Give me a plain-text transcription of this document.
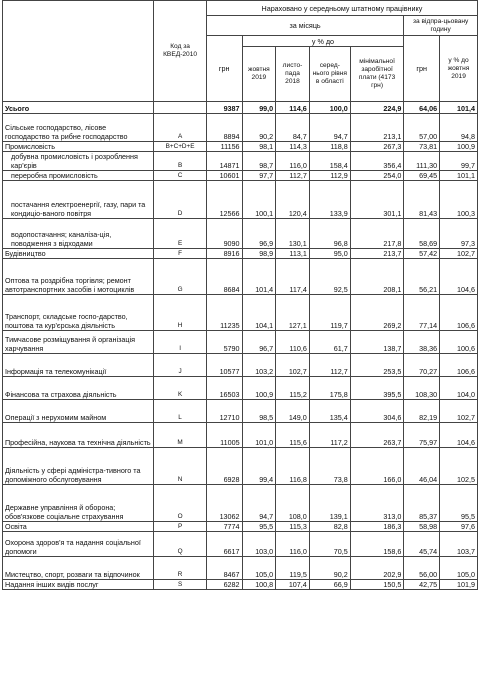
	Код за КВЕД-2010	Нараховано у середньому штатному працівнику						
		за місяць					за відпра-цьовану годину	
		грн	у % до				грн	у % до жовтня 2019
			жовтня 2019	листо-пада 2018	серед-нього рівня в області	мінімальної заробітної плати (4173 грн)		
Усього		9387	99,0	114,6	100,0	224,9	64,06	101,4
Сільське господарство, лісове господарство та рибне господарство	A	8894	90,2	84,7	94,7	213,1	57,00	94,8
Промисловість	B+C+D+E	11156	98,1	114,3	118,8	267,3	73,81	100,9
добувна промисловість і розроблення кар'єрів	B	14871	98,7	116,0	158,4	356,4	111,30	99,7
переробна промисловість	C	10601	97,7	112,7	112,9	254,0	69,45	101,1
постачання електроенергії, газу, пари та кондиціо-ваного повітря	D	12566	100,1	120,4	133,9	301,1	81,43	100,3
водопостачання; каналіза-ція, поводження з відходами	E	9090	96,9	130,1	96,8	217,8	58,69	97,3
Будівництво	F	8916	98,9	113,1	95,0	213,7	57,42	102,7
Оптова та роздрібна торгівля; ремонт автотранспортних засобів і мотоциклів	G	8684	101,4	117,4	92,5	208,1	56,21	104,6
Транспорт, складське госпо-дарство, поштова та кур'єрська діяльність	H	11235	104,1	127,1	119,7	269,2	77,14	106,6
Тимчасове розміщування й організація харчування	I	5790	96,7	110,6	61,7	138,7	38,36	100,6
Інформація та телекомунікації	J	10577	103,2	102,7	112,7	253,5	70,27	106,6
Фінансова та страхова діяльність	K	16503	100,9	115,2	175,8	395,5	108,30	104,0
Операції з нерухомим майном	L	12710	98,5	149,0	135,4	304,6	82,19	102,7
Професійна, наукова та технічна діяльність	M	11005	101,0	115,6	117,2	263,7	75,97	104,6
Діяльність у сфері адміністра-тивного та допоміжного обслуговування	N	6928	99,4	116,8	73,8	166,0	46,04	102,5
Державне управління й оборона; обов'язкове соціальне страхування	O	13062	94,7	108,0	139,1	313,0	85,37	95,5
Освіта	P	7774	95,5	115,3	82,8	186,3	58,98	97,6
Охорона здоров'я та надання соціальної допомоги	Q	6617	103,0	116,0	70,5	158,6	45,74	103,7
Мистецтво, спорт, розваги та відпочинок	R	8467	105,0	119,5	90,2	202,9	56,00	105,0
Надання інших видів послуг	S	6282	100,8	107,4	66,9	150,5	42,75	101,9
